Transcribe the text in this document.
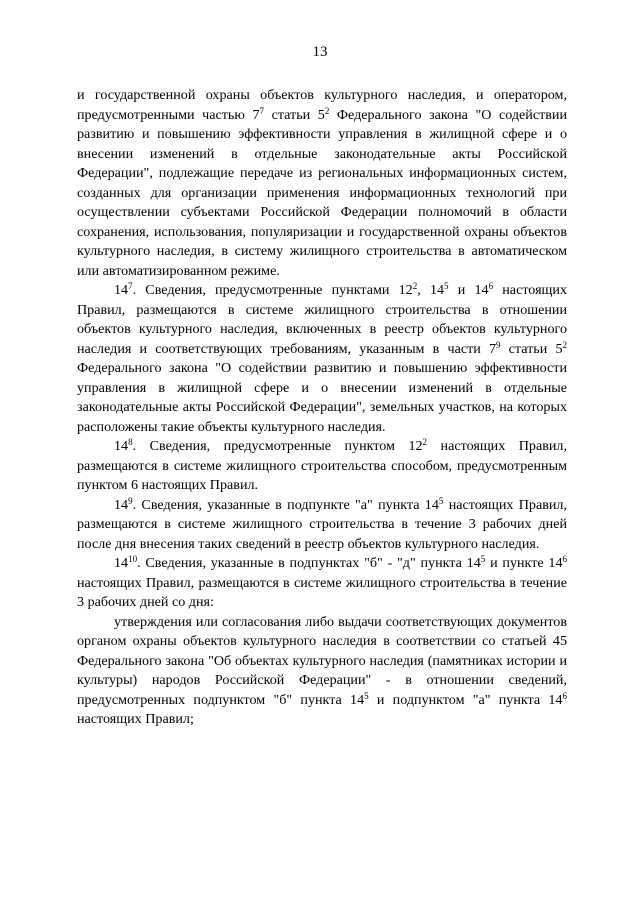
13

и государственной охраны объектов культурного наследия, и оператором, предусмотренными частью $7^7$ статьи $5^2$ Федерального закона "О содействии развитию и повышению эффективности управления в жилищной сфере и о внесении изменений в отдельные законодательные акты Российской Федерации", подлежащие передаче из региональных информационных систем, созданных для организации применения информационных технологий при осуществлении субъектами Российской Федерации полномочий в области сохранения, использования, популяризации и государственной охраны объектов культурного наследия, в систему жилищного строительства в автоматическом или автоматизированном режиме.

$14^7$. Сведения, предусмотренные пунктами $12^2$, $14^5$ и $14^6$ настоящих Правил, размещаются в системе жилищного строительства в отношении объектов культурного наследия, включенных в реестр объектов культурного наследия и соответствующих требованиям, указанным в части $7^9$ статьи $5^2$ Федерального закона "О содействии развитию и повышению эффективности управления в жилищной сфере и о внесении изменений в отдельные законодательные акты Российской Федерации", земельных участков, на которых расположены такие объекты культурного наследия.

$14^8$. Сведения, предусмотренные пунктом $12^2$ настоящих Правил, размещаются в системе жилищного строительства способом, предусмотренным пунктом 6 настоящих Правил.

$14^9$. Сведения, указанные в подпункте "а" пункта $14^5$ настоящих Правил, размещаются в системе жилищного строительства в течение 3 рабочих дней после дня внесения таких сведений в реестр объектов культурного наследия.

$14^{10}$. Сведения, указанные в подпунктах "б" - "д" пункта $14^5$ и пункте $14^6$ настоящих Правил, размещаются в системе жилищного строительства в течение 3 рабочих дней со дня:

утверждения или согласования либо выдачи соответствующих документов органом охраны объектов культурного наследия в соответствии со статьей 45 Федерального закона "Об объектах культурного наследия (памятниках истории и культуры) народов Российской Федерации" - в отношении сведений, предусмотренных подпунктом "б" пункта $14^5$ и подпунктом "а" пункта $14^6$ настоящих Правил;
